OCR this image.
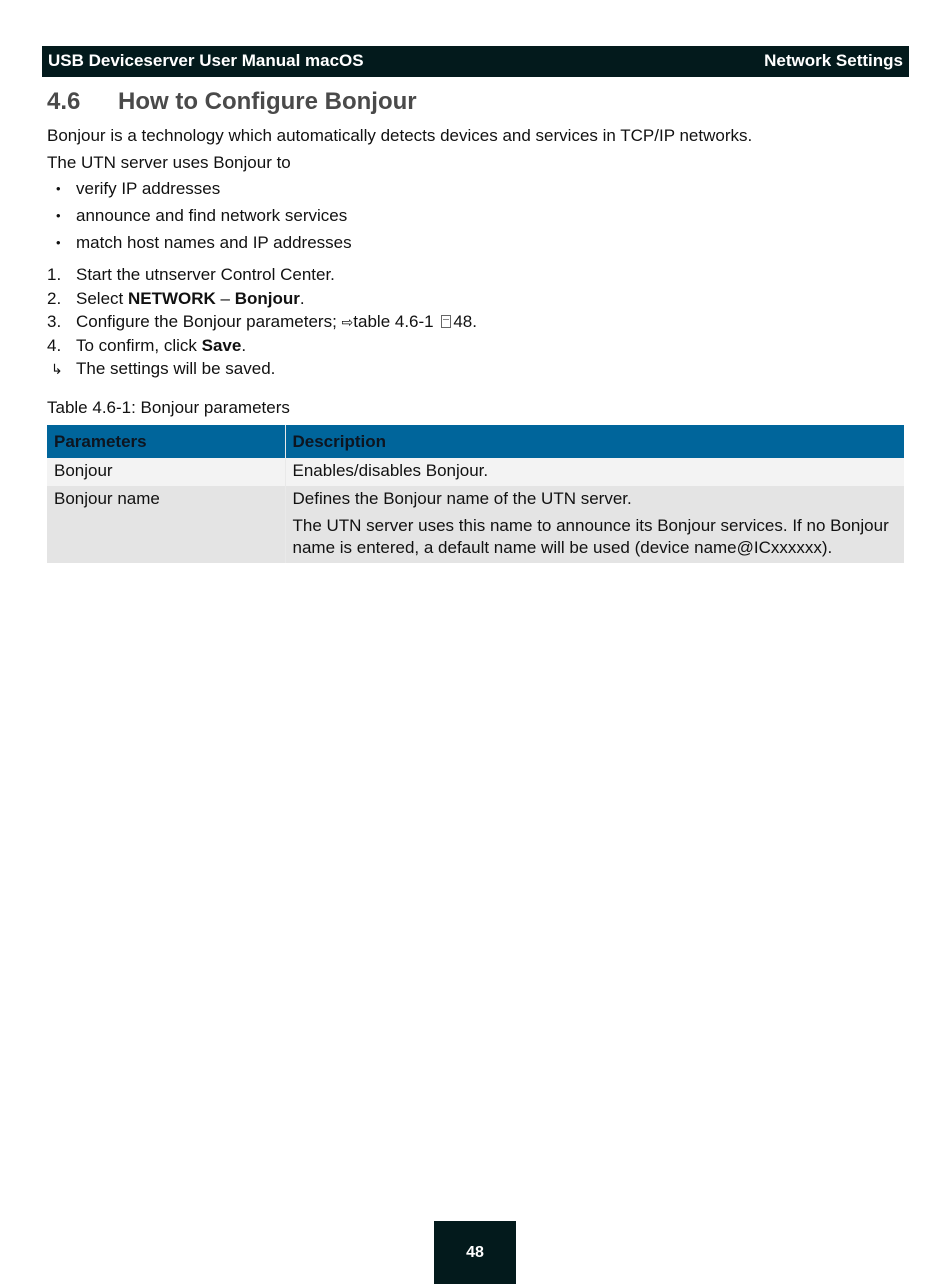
USB Deviceserver User Manual macOS	Network Settings
4.6 How to Configure Bonjour

Bonjour is a technology which automatically detects devices and services in TCP/IP networks.

The UTN server uses Bonjour to

• verify IP addresses
• announce and find network services
• match host names and IP addresses
1. Start the utnserver Control Center.
2. Select NETWORK – Bonjour.
3. Configure the Bonjour parameters; ⇨table 4.6-1 48.
4. To confirm, click Save.
↳ The settings will be saved.

Table 4.6-1: Bonjour parameters

Parameters	Description
Bonjour	Enables/disables Bonjour.

Bonjour name	Defines the Bonjour name of the UTN server.
The UTN server uses this name to announce its Bonjour services. If no Bonjour name is entered, a default name will be used (device name@ICxxxxxx).
48
